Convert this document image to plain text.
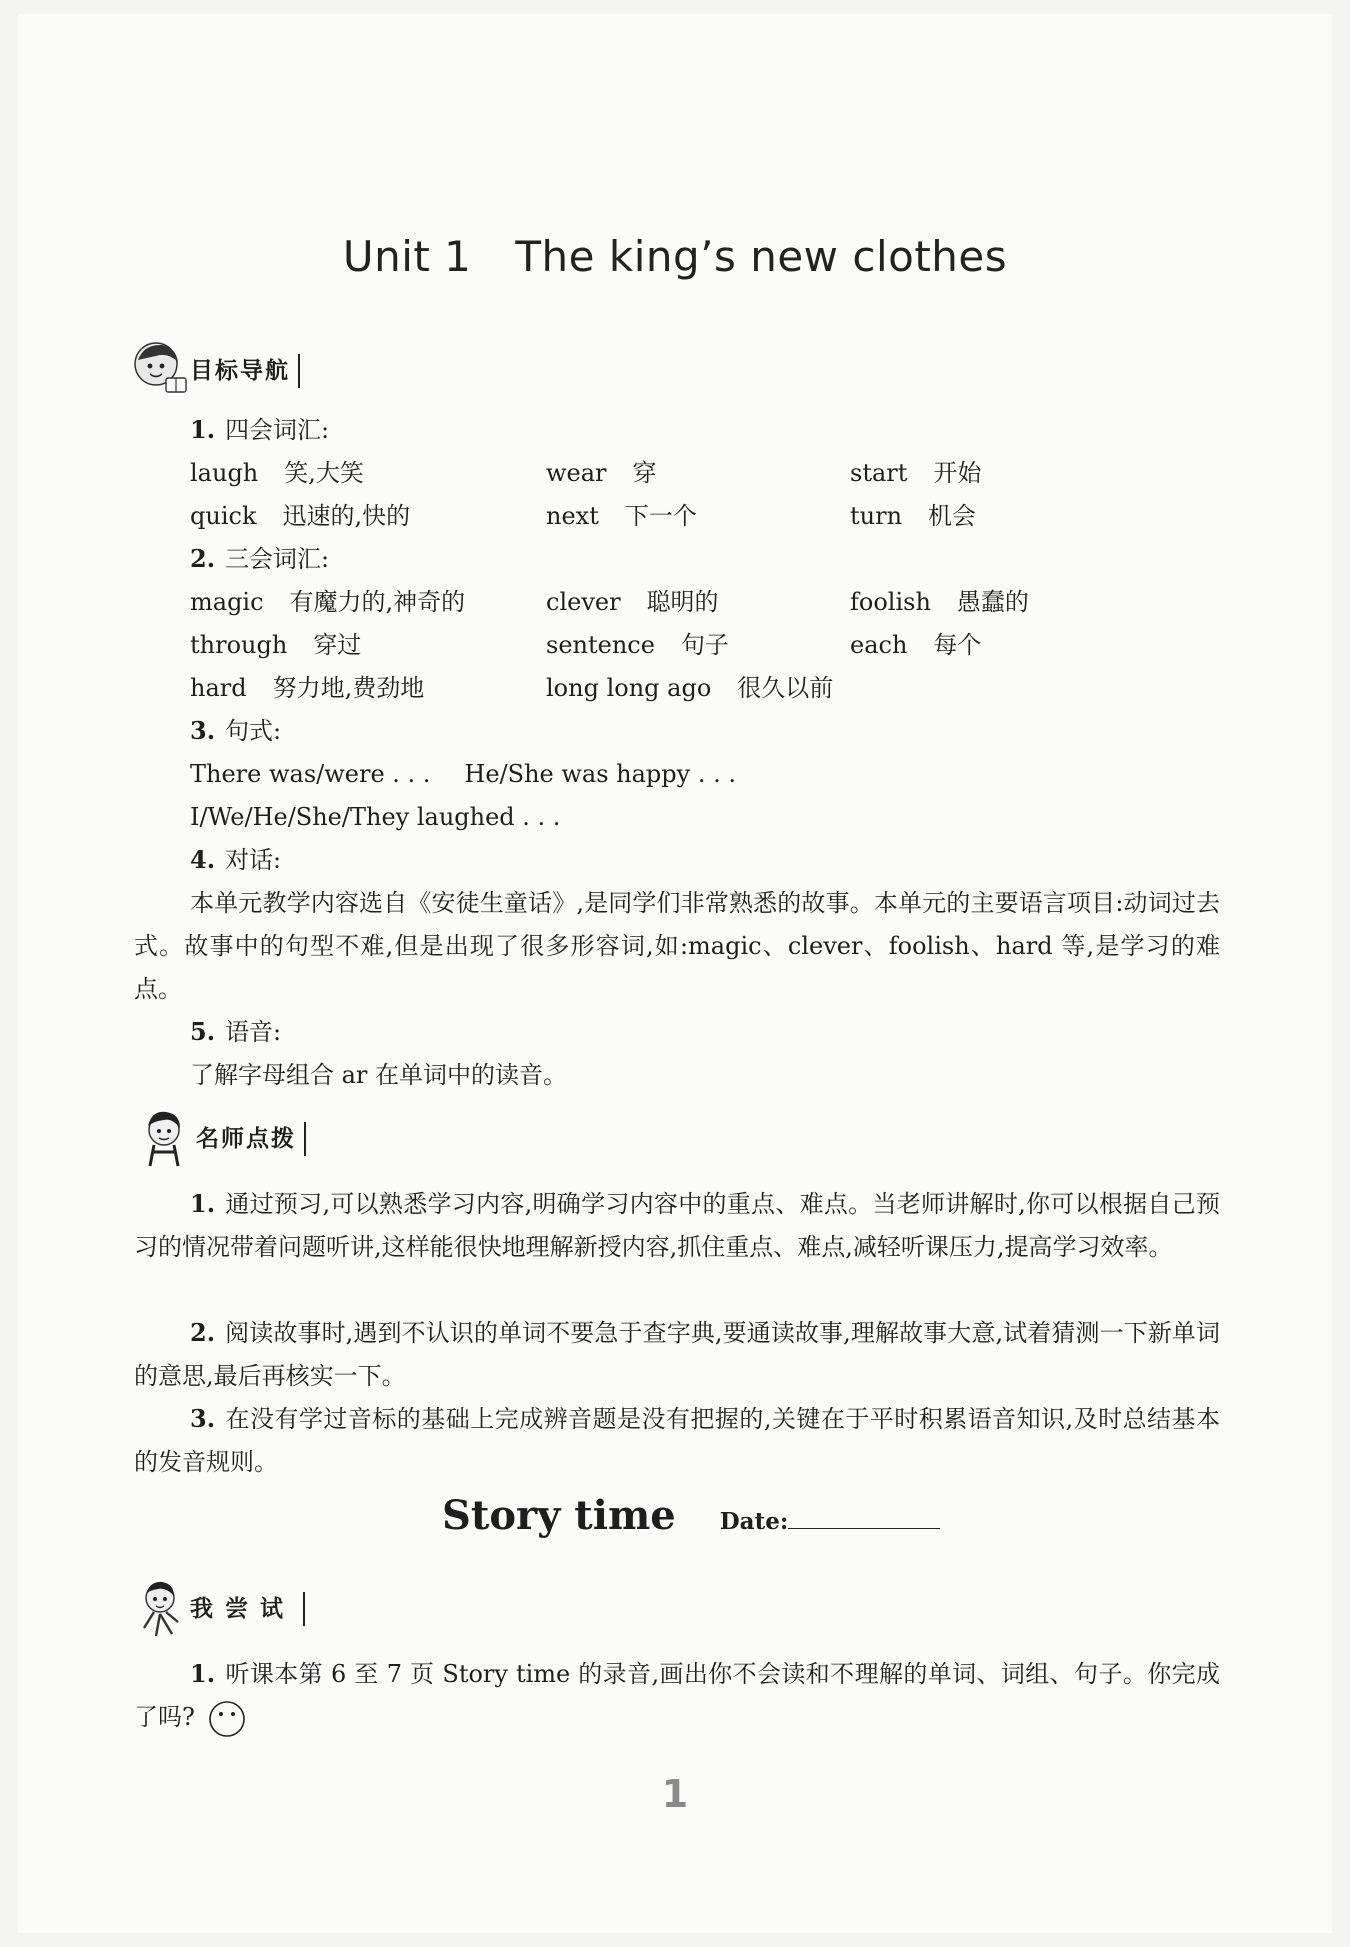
Unit 1 The king’s new clothes
目标导航
1. 四会词汇:
laugh 笑,大笑	wear 穿	start 开始
quick 迅速的,快的	next 下一个	turn 机会
2. 三会词汇:
magic 有魔力的,神奇的	clever 聪明的	foolish 愚蠢的
through 穿过	sentence 句子	each 每个
hard 努力地,费劲地	long long ago 很久以前
3. 句式:
There was/were . . . He/She was happy . . .
I/We/He/She/They laughed . . .
4. 对话:
本单元教学内容选自《安徒生童话》,是同学们非常熟悉的故事。本单元的主要语言项目:动词过去式。故事中的句型不难,但是出现了很多形容词,如:magic、clever、foolish、hard 等,是学习的难点。
5. 语音:
了解字母组合 ar 在单词中的读音。
名师点拨
1. 通过预习,可以熟悉学习内容,明确学习内容中的重点、难点。当老师讲解时,你可以根据自己预习的情况带着问题听讲,这样能很快地理解新授内容,抓住重点、难点,减轻听课压力,提高学习效率。
2. 阅读故事时,遇到不认识的单词不要急于查字典,要通读故事,理解故事大意,试着猜测一下新单词的意思,最后再核实一下。
3. 在没有学过音标的基础上完成辨音题是没有把握的,关键在于平时积累语音知识,及时总结基本的发音规则。
Story time Date:
我尝试
1. 听课本第 6 至 7 页 Story time 的录音,画出你不会读和不理解的单词、词组、句子。你完成了吗?
1
